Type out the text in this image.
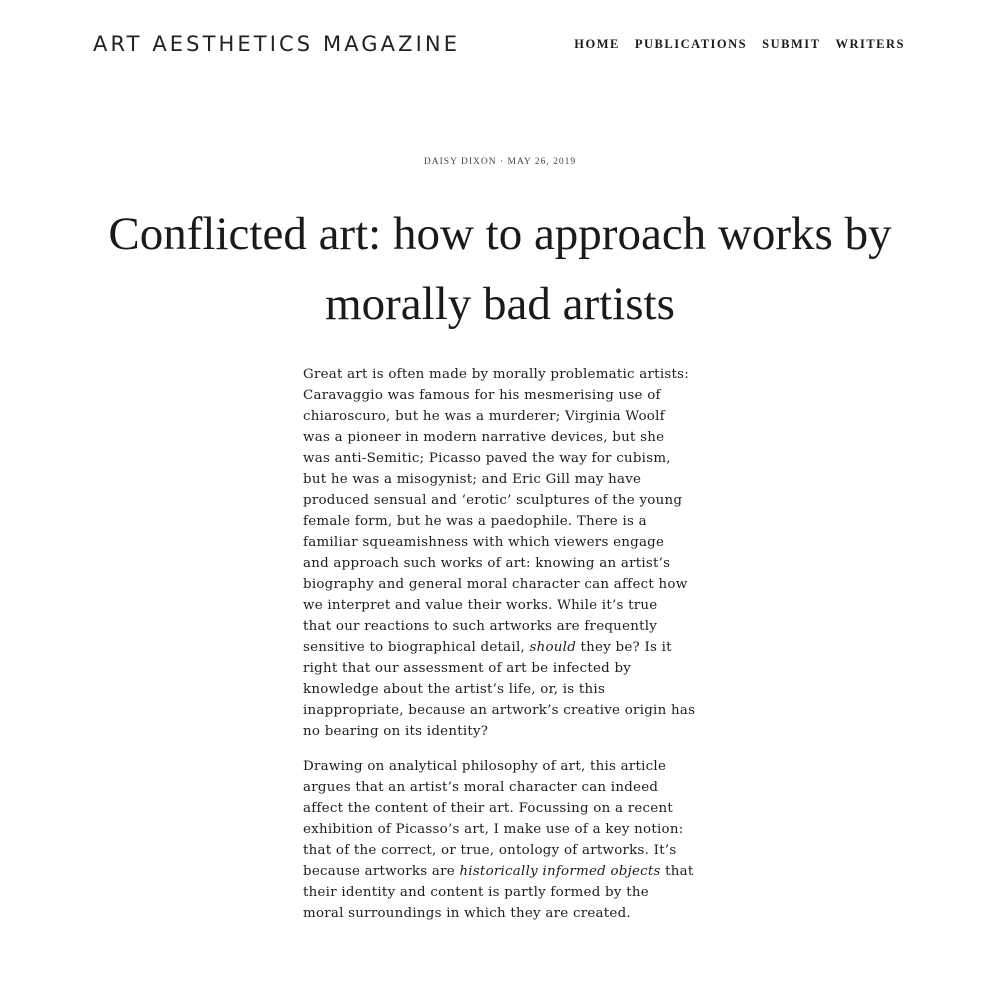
ART AESTHETICS MAGAZINE	HOME PUBLICATIONS SUBMIT WRITERS
DAISY DIXON · MAY 26, 2019
Conflicted art: how to approach works by
morally bad artists

Great art is often made by morally problematic artists:
Caravaggio was famous for his mesmerising use of
chiaroscuro, but he was a murderer; Virginia Woolf
was a pioneer in modern narrative devices, but she
was anti-Semitic; Picasso paved the way for cubism,
but he was a misogynist; and Eric Gill may have
produced sensual and ‘erotic’ sculptures of the young
female form, but he was a paedophile. There is a
familiar squeamishness with which viewers engage
and approach such works of art: knowing an artist’s
biography and general moral character can affect how
we interpret and value their works. While it’s true
that our reactions to such artworks are frequently
sensitive to biographical detail, should they be? Is it
right that our assessment of art be infected by
knowledge about the artist’s life, or, is this
inappropriate, because an artwork’s creative origin has
no bearing on its identity?

Drawing on analytical philosophy of art, this article
argues that an artist’s moral character can indeed
affect the content of their art. Focussing on a recent
exhibition of Picasso’s art, I make use of a key notion:
that of the correct, or true, ontology of artworks. It’s
because artworks are historically informed objects that
their identity and content is partly formed by the
moral surroundings in which they are created.
